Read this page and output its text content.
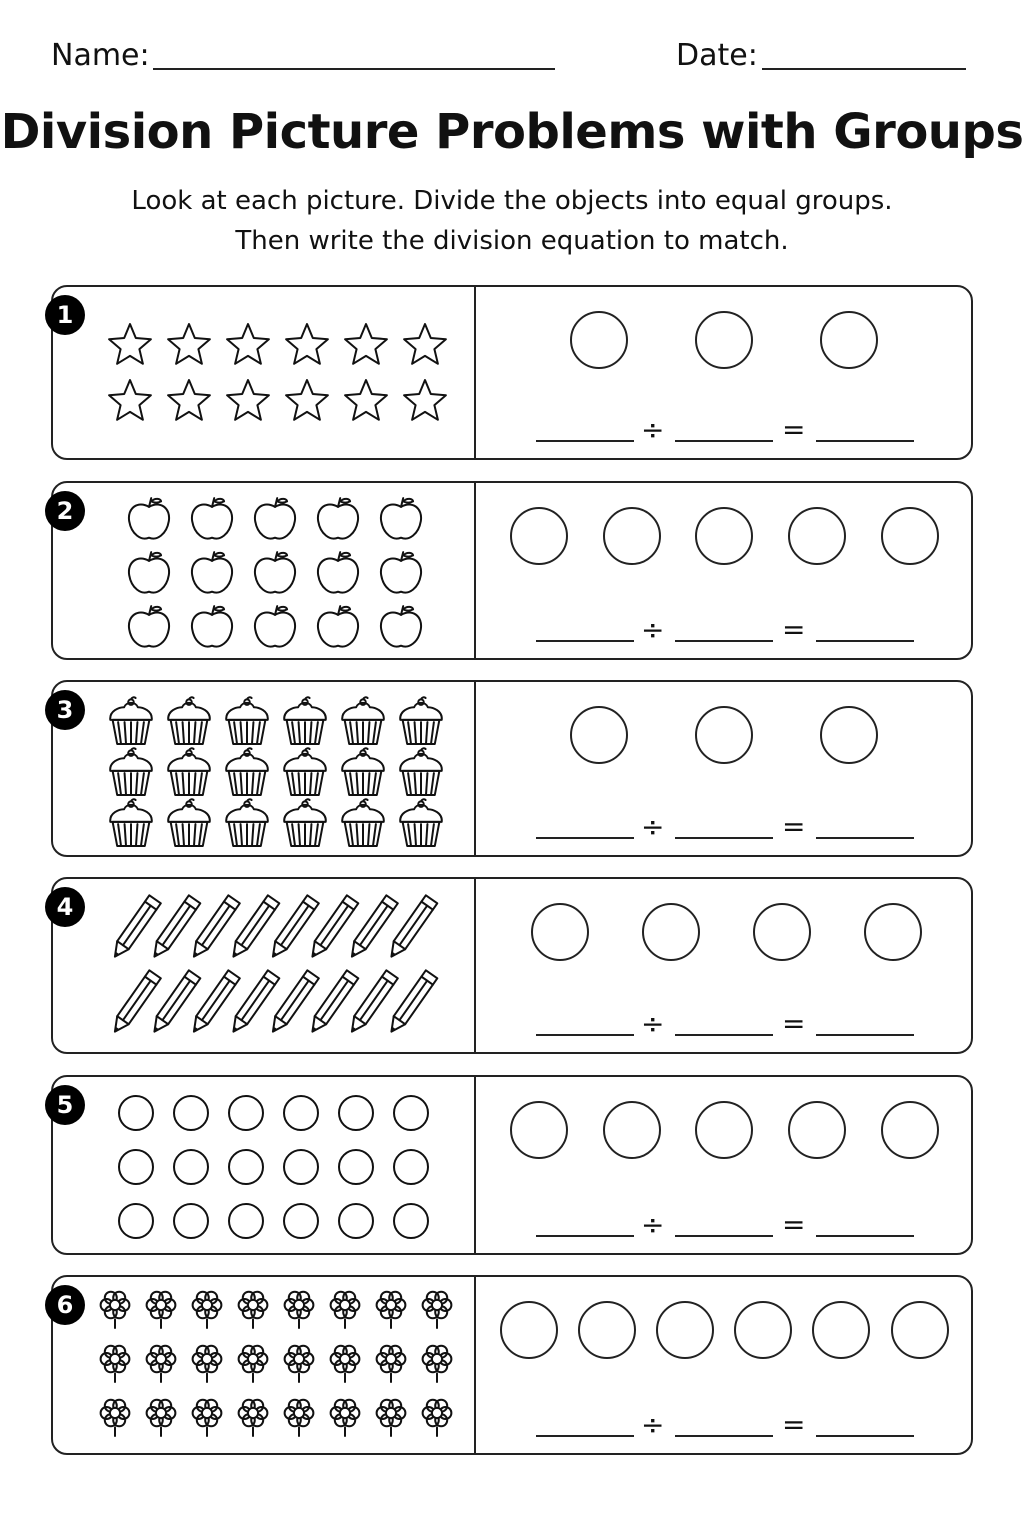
Name:	Date:
Division Picture Problems with Groups
Look at each picture. Divide the objects into equal groups.
Then write the division equation to match.
÷	=
1
÷	=
2
÷	=
3
÷	=
4
÷	=
5
÷	=
6
